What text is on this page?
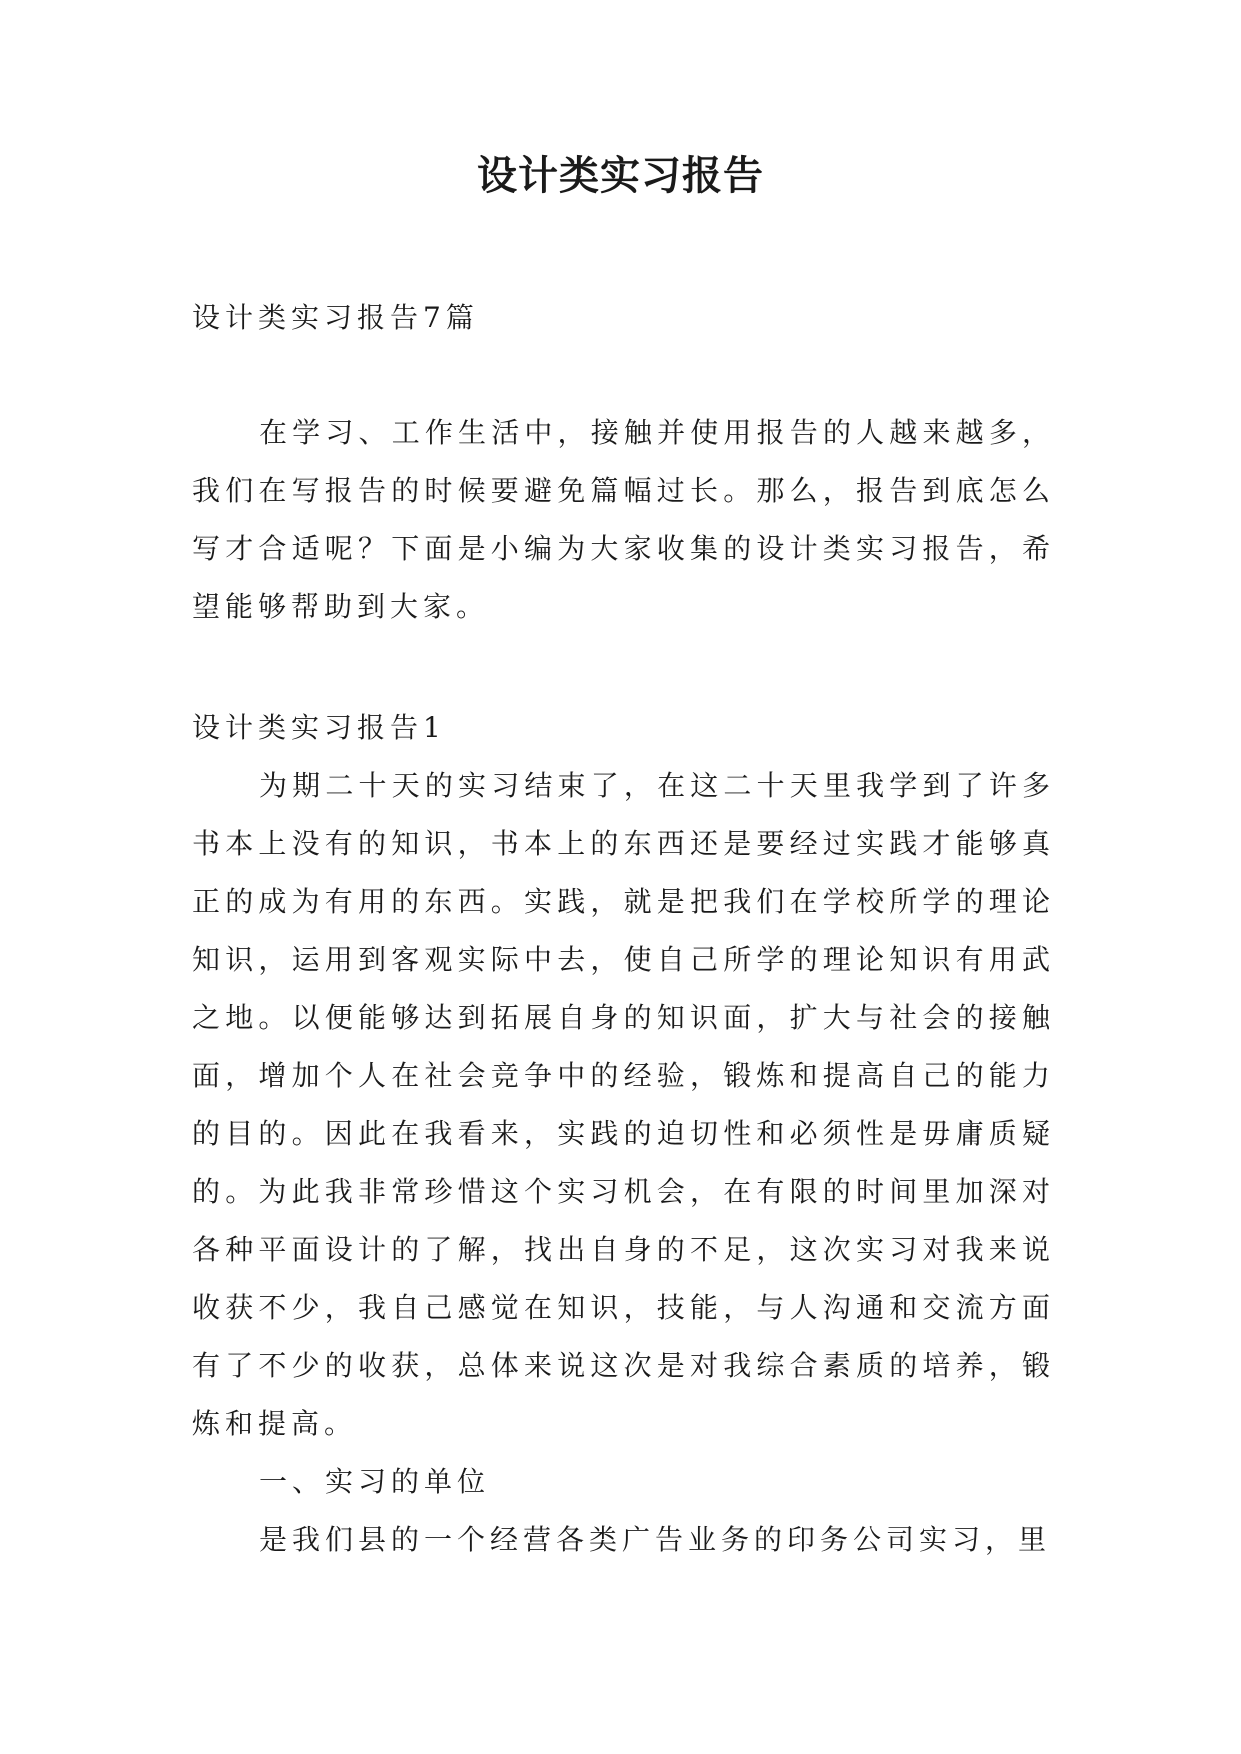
设计类实习报告
设计类实习报告7篇
在学习、工作生活中，接触并使用报告的人越来越多，我们在写报告的时候要避免篇幅过长。那么，报告到底怎么写才合适呢？下面是小编为大家收集的设计类实习报告，希望能够帮助到大家。

设计类实习报告1

为期二十天的实习结束了，在这二十天里我学到了许多书本上没有的知识，书本上的东西还是要经过实践才能够真正的成为有用的东西。实践，就是把我们在学校所学的理论知识，运用到客观实际中去，使自己所学的理论知识有用武之地。以便能够达到拓展自身的知识面，扩大与社会的接触面，增加个人在社会竞争中的经验，锻炼和提高自己的能力的目的。因此在我看来，实践的迫切性和必须性是毋庸质疑的。为此我非常珍惜这个实习机会，在有限的时间里加深对各种平面设计的了解，找出自身的不足，这次实习对我来说收获不少，我自己感觉在知识，技能，与人沟通和交流方面有了不少的收获，总体来说这次是对我综合素质的培养，锻炼和提高。

一、实习的单位

是我们县的一个经营各类广告业务的印务公司实习，里
